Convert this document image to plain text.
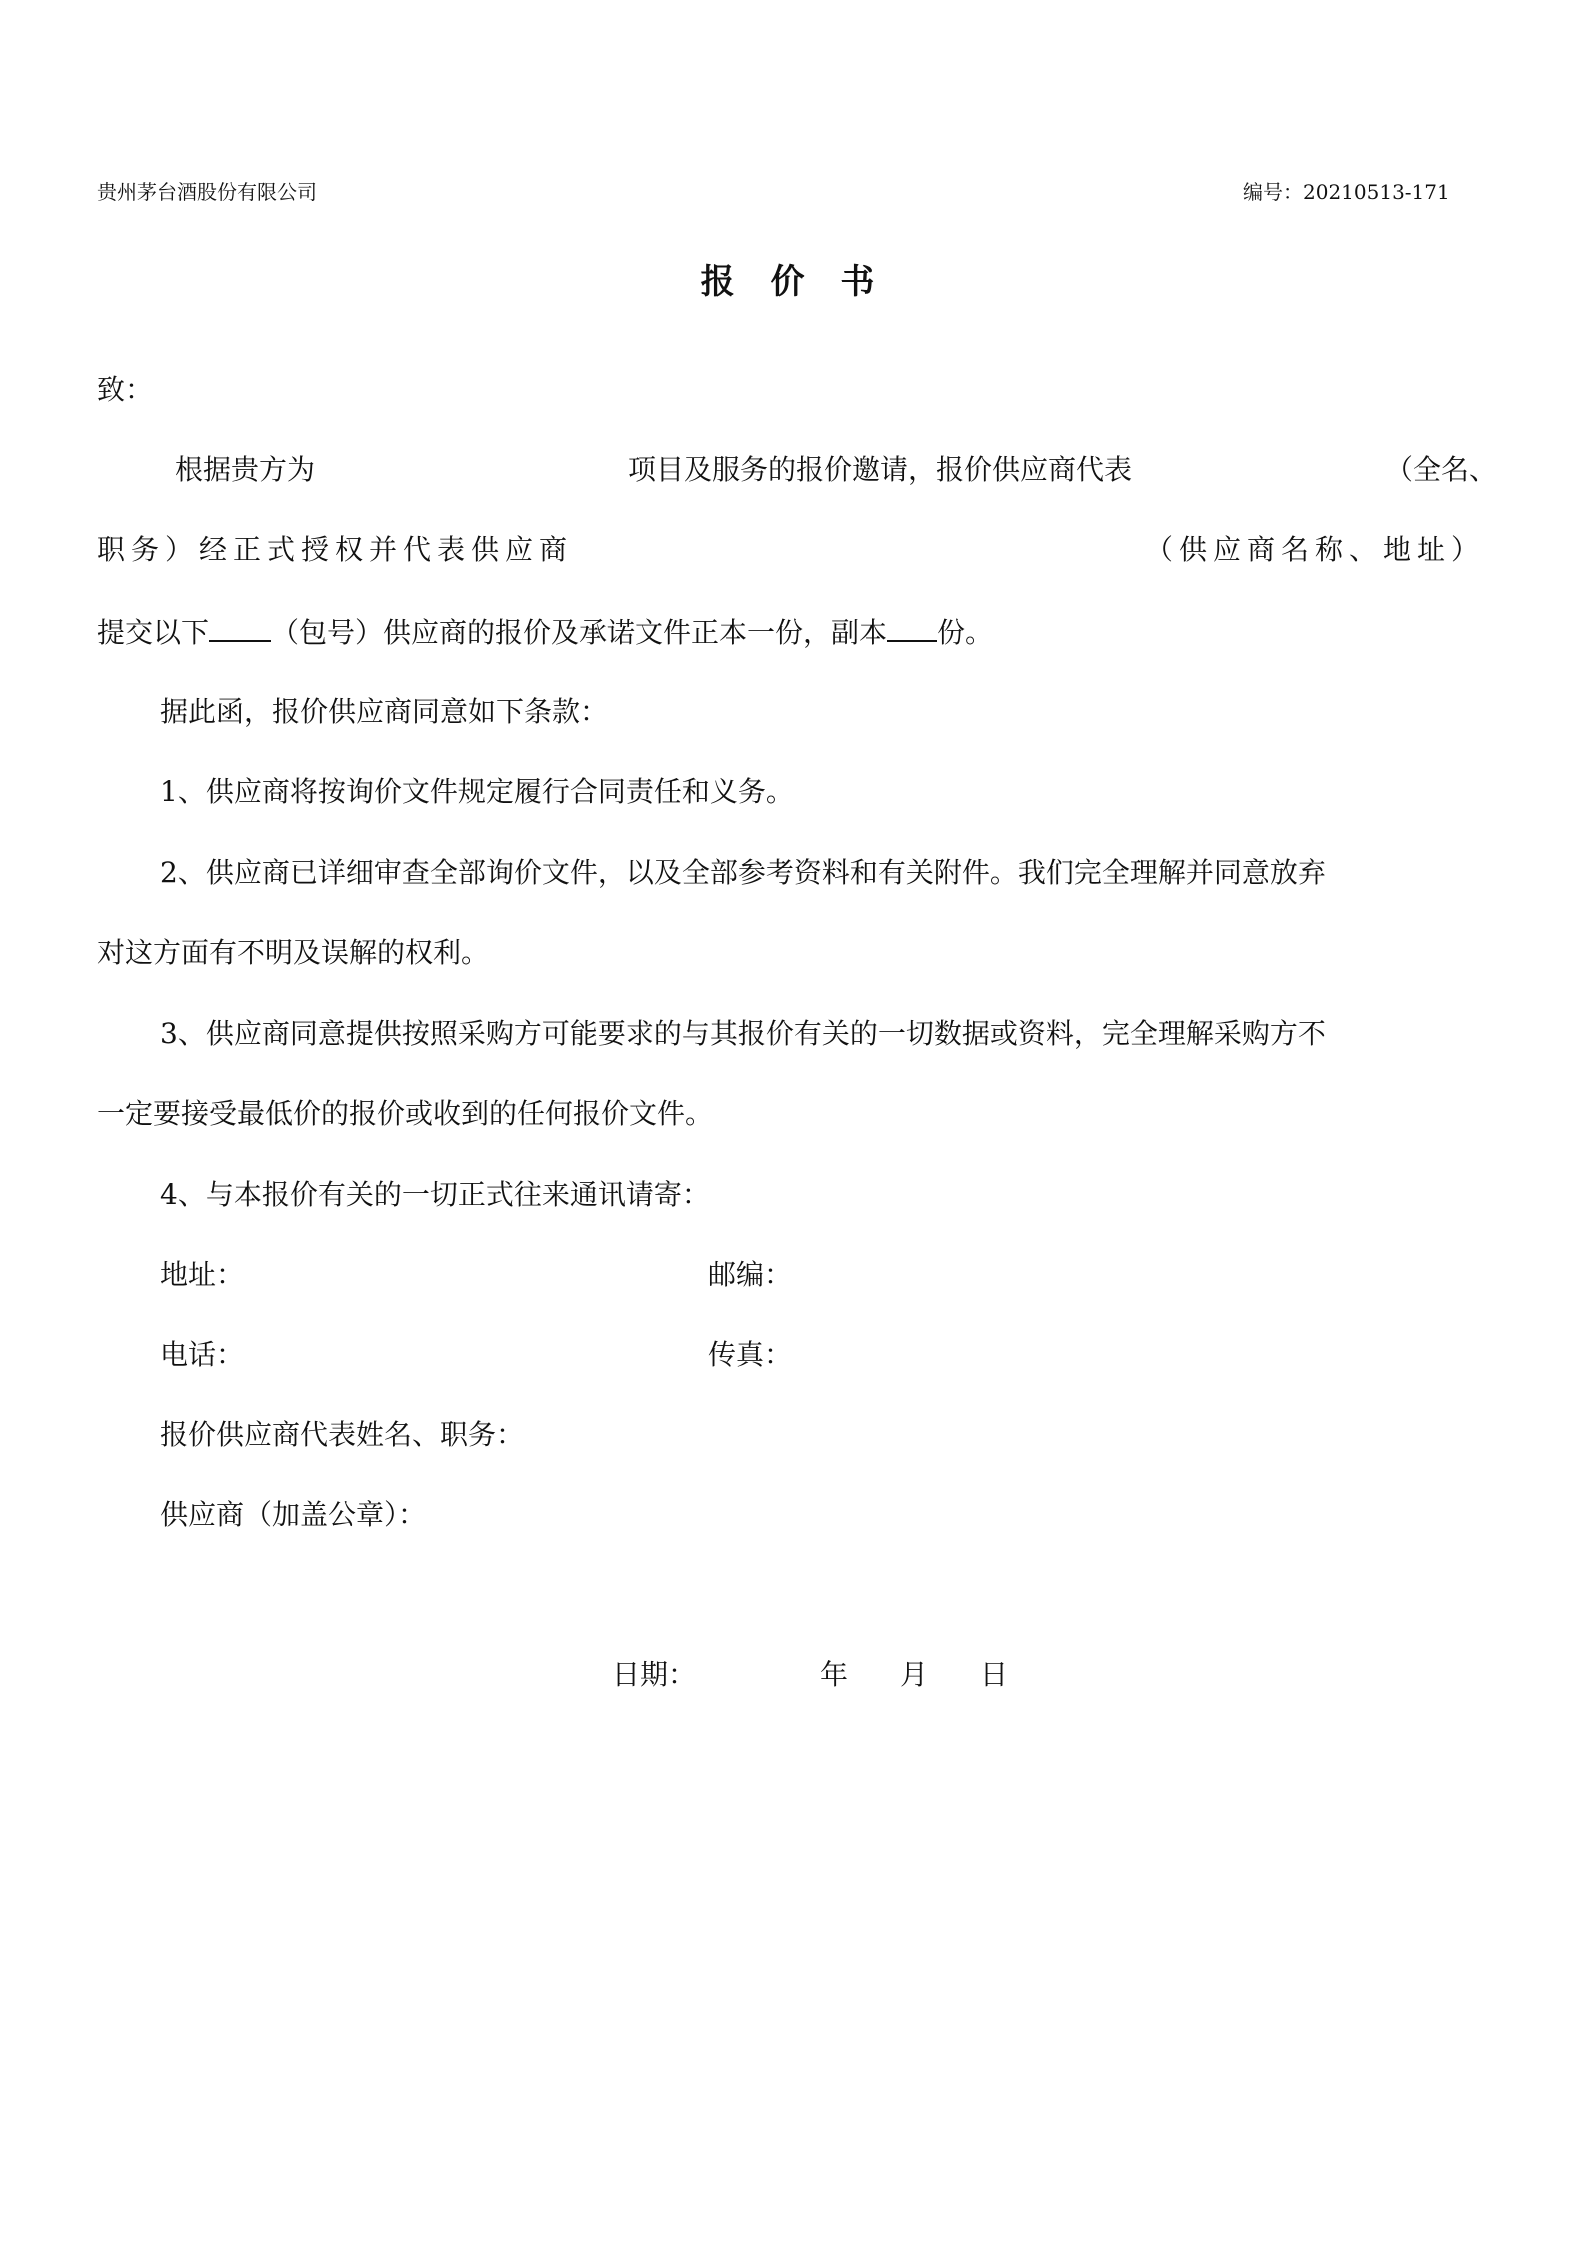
贵州茅台酒股份有限公司	编号：20210513-171
报 价 书
致：
根据贵方为	项目及服务的报价邀请，报价供应商代表	（全名、
职务）经正式授权并代表供应商	（供应商名称、地址）
提交以下 （包号）供应商的报价及承诺文件正本一份，副本 份。
据此函，报价供应商同意如下条款：
1、供应商将按询价文件规定履行合同责任和义务。
2、供应商已详细审查全部询价文件，以及全部参考资料和有关附件。我们完全理解并同意放弃
对这方面有不明及误解的权利。
3、供应商同意提供按照采购方可能要求的与其报价有关的一切数据或资料，完全理解采购方不
一定要接受最低价的报价或收到的任何报价文件。
4、与本报价有关的一切正式往来通讯请寄：
地址：	邮编：
电话：	传真：
报价供应商代表姓名、职务：
供应商（加盖公章）：
日期：	年 月 日
